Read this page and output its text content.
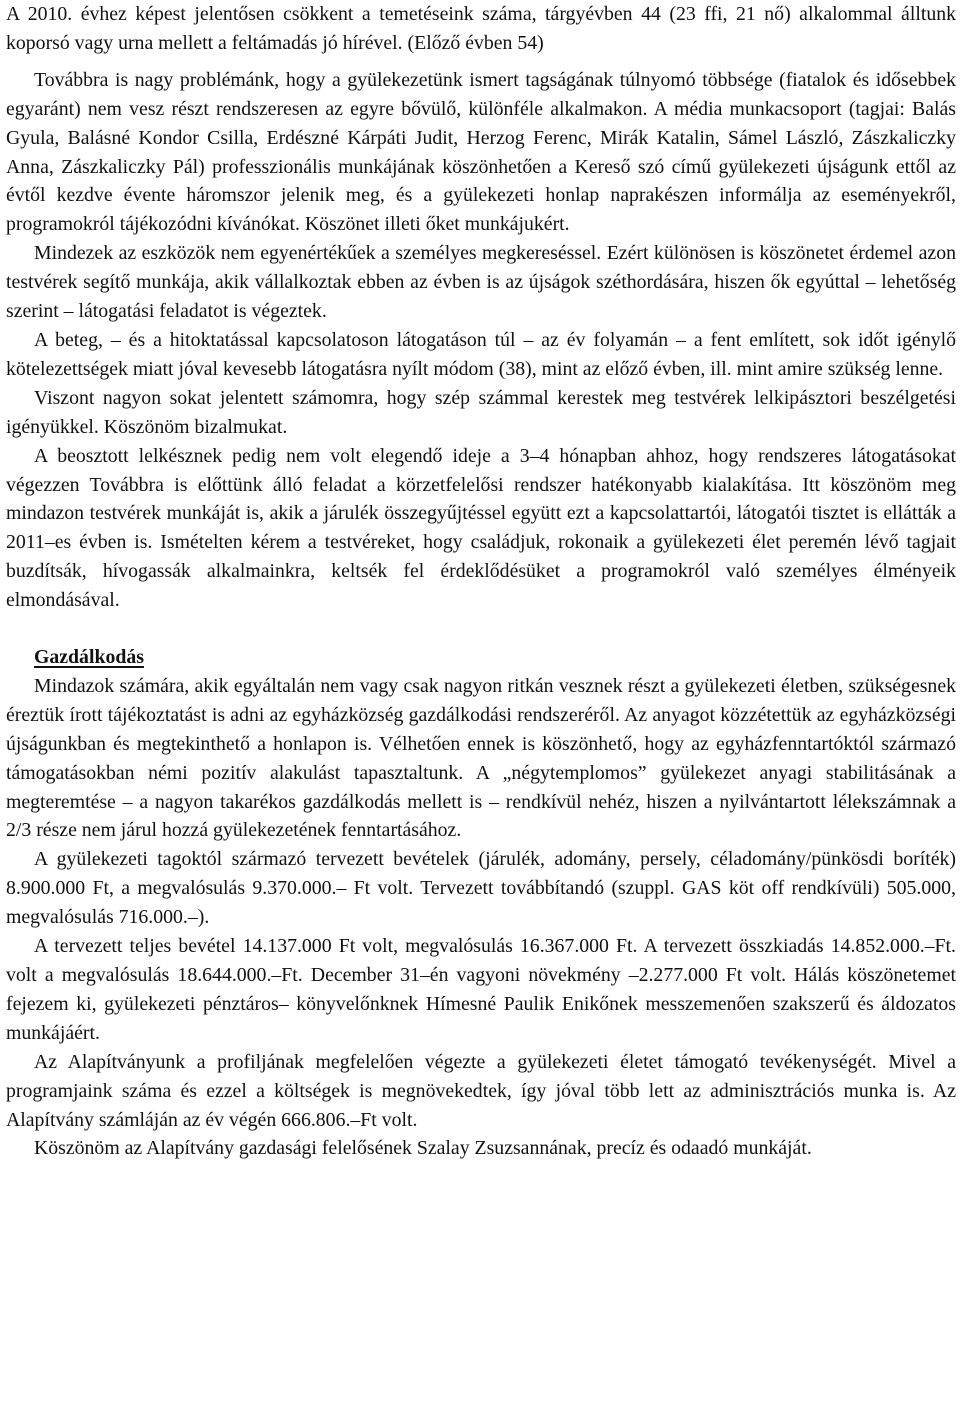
A 2010. évhez képest jelentősen csökkent a temetéseink száma, tárgyévben 44 (23 ffi, 21 nő) alkalommal álltunk koporsó vagy urna mellett a feltámadás jó hírével. (Előző évben 54)

Továbbra is nagy problémánk, hogy a gyülekezetünk ismert tagságának túlnyomó többsége (fiatalok és idősebbek egyaránt) nem vesz részt rendszeresen az egyre bővülő, különféle alkalmakon. A média munkacsoport (tagjai: Balás Gyula, Balásné Kondor Csilla, Erdészné Kárpáti Judit, Herzog Ferenc, Mirák Katalin, Sámel László, Zászkaliczky Anna, Zászkaliczky Pál) professzionális munkájának köszönhetően a Kereső szó című gyülekezeti újságunk ettől az évtől kezdve évente háromszor jelenik meg, és a gyülekezeti honlap naprakészen informálja az eseményekről, programokról tájékozódni kívánókat. Köszönet illeti őket munkájukért.

Mindezek az eszközök nem egyenértékűek a személyes megkereséssel. Ezért különösen is köszönetet érdemel azon testvérek segítő munkája, akik vállalkoztak ebben az évben is az újságok széthordására, hiszen ők egyúttal – lehetőség szerint – látogatási feladatot is végeztek.

A beteg, – és a hitoktatással kapcsolatoson látogatáson túl – az év folyamán – a fent említett, sok időt igénylő kötelezettségek miatt jóval kevesebb látogatásra nyílt módom (38), mint az előző évben, ill. mint amire szükség lenne.

Viszont nagyon sokat jelentett számomra, hogy szép számmal kerestek meg testvérek lelkipásztori beszélgetési igényükkel. Köszönöm bizalmukat.

A beosztott lelkésznek pedig nem volt elegendő ideje a 3–4 hónapban ahhoz, hogy rendszeres látogatásokat végezzen Továbbra is előttünk álló feladat a körzetfelelősi rendszer hatékonyabb kialakítása. Itt köszönöm meg mindazon testvérek munkáját is, akik a járulék összegyűjtéssel együtt ezt a kapcsolattartói, látogatói tisztet is ellátták a 2011–es évben is. Ismételten kérem a testvéreket, hogy családjuk, rokonaik a gyülekezeti élet peremén lévő tagjait buzdítsák, hívogassák alkalmainkra, keltsék fel érdeklődésüket a programokról való személyes élményeik elmondásával.

Gazdálkodás

Mindazok számára, akik egyáltalán nem vagy csak nagyon ritkán vesznek részt a gyülekezeti életben, szükségesnek éreztük írott tájékoztatást is adni az egyházközség gazdálkodási rendszeréről. Az anyagot közzétettük az egyházközségi újságunkban és megtekinthető a honlapon is. Vélhetően ennek is köszönhető, hogy az egyházfenntartóktól származó támogatásokban némi pozitív alakulást tapasztaltunk. A „négytemplomos” gyülekezet anyagi stabilitásának a megteremtése – a nagyon takarékos gazdálkodás mellett is – rendkívül nehéz, hiszen a nyilvántartott lélekszámnak a 2/3 része nem járul hozzá gyülekezetének fenntartásához.

A gyülekezeti tagoktól származó tervezett bevételek (járulék, adomány, persely, céladomány/pünkösdi boríték) 8.900.000 Ft, a megvalósulás 9.370.000.– Ft volt. Tervezett továbbítandó (szuppl. GAS köt off rendkívüli) 505.000, megvalósulás 716.000.–).

A tervezett teljes bevétel 14.137.000 Ft volt, megvalósulás 16.367.000 Ft. A tervezett összkiadás 14.852.000.–Ft. volt a megvalósulás 18.644.000.–Ft. December 31–én vagyoni növekmény –2.277.000 Ft volt. Hálás köszönetemet fejezem ki, gyülekezeti pénztáros– könyvelőnknek Hímesné Paulik Enikőnek messzemenően szakszerű és áldozatos munkájáért.

Az Alapítványunk a profiljának megfelelően végezte a gyülekezeti életet támogató tevékenységét. Mivel a programjaink száma és ezzel a költségek is megnövekedtek, így jóval több lett az adminisztrációs munka is. Az Alapítvány számláján az év végén 666.806.–Ft volt.

Köszönöm az Alapítvány gazdasági felelősének Szalay Zsuzsannának, precíz és odaadó munkáját.
